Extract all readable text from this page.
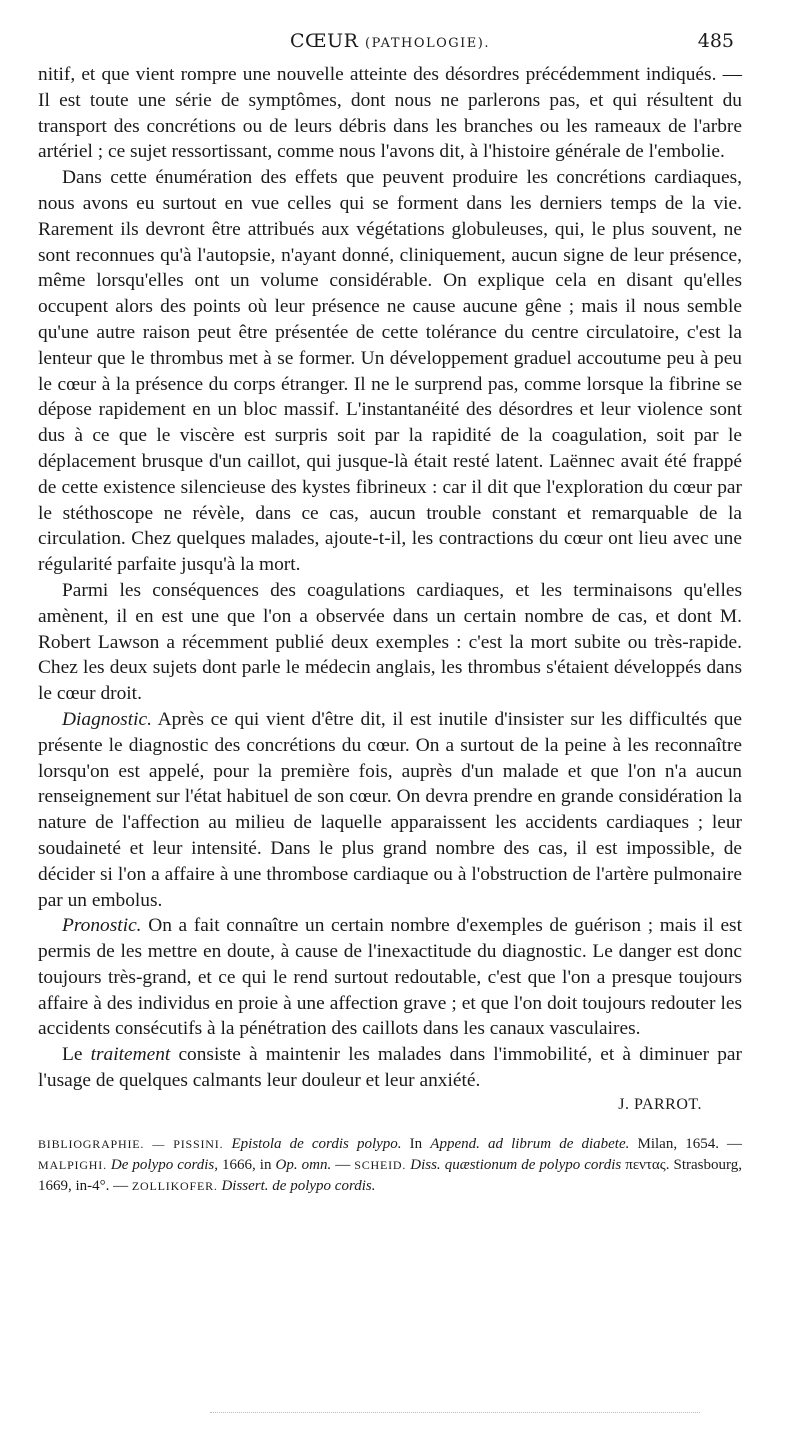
CŒUR (PATHOLOGIE).	485

nitif, et que vient rompre une nouvelle atteinte des désordres précédemment indiqués. — Il est toute une série de symptômes, dont nous ne parlerons pas, et qui résultent du transport des concrétions ou de leurs débris dans les branches ou les rameaux de l'arbre artériel ; ce sujet ressortissant, comme nous l'avons dit, à l'histoire générale de l'embolie.

Dans cette énumération des effets que peuvent produire les concrétions cardiaques, nous avons eu surtout en vue celles qui se forment dans les derniers temps de la vie. Rarement ils devront être attribués aux végétations globuleuses, qui, le plus souvent, ne sont reconnues qu'à l'autopsie, n'ayant donné, cliniquement, aucun signe de leur présence, même lorsqu'elles ont un volume considérable. On explique cela en disant qu'elles occupent alors des points où leur présence ne cause aucune gêne ; mais il nous semble qu'une autre raison peut être présentée de cette tolérance du centre circulatoire, c'est la lenteur que le thrombus met à se former. Un développement graduel accoutume peu à peu le cœur à la présence du corps étranger. Il ne le surprend pas, comme lorsque la fibrine se dépose rapidement en un bloc massif. L'instantanéité des désordres et leur violence sont dus à ce que le viscère est surpris soit par la rapidité de la coagulation, soit par le déplacement brusque d'un caillot, qui jusque-là était resté latent. Laënnec avait été frappé de cette existence silencieuse des kystes fibrineux : car il dit que l'exploration du cœur par le stéthoscope ne révèle, dans ce cas, aucun trouble constant et remarquable de la circulation. Chez quelques malades, ajoute-t-il, les contractions du cœur ont lieu avec une régularité parfaite jusqu'à la mort.

Parmi les conséquences des coagulations cardiaques, et les terminaisons qu'elles amènent, il en est une que l'on a observée dans un certain nombre de cas, et dont M. Robert Lawson a récemment publié deux exemples : c'est la mort subite ou très-rapide. Chez les deux sujets dont parle le médecin anglais, les thrombus s'étaient développés dans le cœur droit.

Diagnostic. Après ce qui vient d'être dit, il est inutile d'insister sur les difficultés que présente le diagnostic des concrétions du cœur. On a surtout de la peine à les reconnaître lorsqu'on est appelé, pour la première fois, auprès d'un malade et que l'on n'a aucun renseignement sur l'état habituel de son cœur. On devra prendre en grande considération la nature de l'affection au milieu de laquelle apparaissent les accidents cardiaques ; leur soudaineté et leur intensité. Dans le plus grand nombre des cas, il est impossible, de décider si l'on a affaire à une thrombose cardiaque ou à l'obstruction de l'artère pulmonaire par un embolus.

Pronostic. On a fait connaître un certain nombre d'exemples de guérison ; mais il est permis de les mettre en doute, à cause de l'inexactitude du diagnostic. Le danger est donc toujours très-grand, et ce qui le rend surtout redoutable, c'est que l'on a presque toujours affaire à des individus en proie à une affection grave ; et que l'on doit toujours redouter les accidents consécutifs à la pénétration des caillots dans les canaux vasculaires.

Le traitement consiste à maintenir les malades dans l'immobilité, et à diminuer par l'usage de quelques calmants leur douleur et leur anxiété.

J. PARROT.
BIBLIOGRAPHIE. — PISSINI. Epistola de cordis polypo. In Append. ad librum de diabete. Milan, 1654. — MALPIGHI. De polypo cordis, 1666, in Op. omn. — SCHEID. Diss. quæstionum de polypo cordis πεντας. Strasbourg, 1669, in-4°. — ZOLLIKOFER. Dissert. de polypo cordis.
